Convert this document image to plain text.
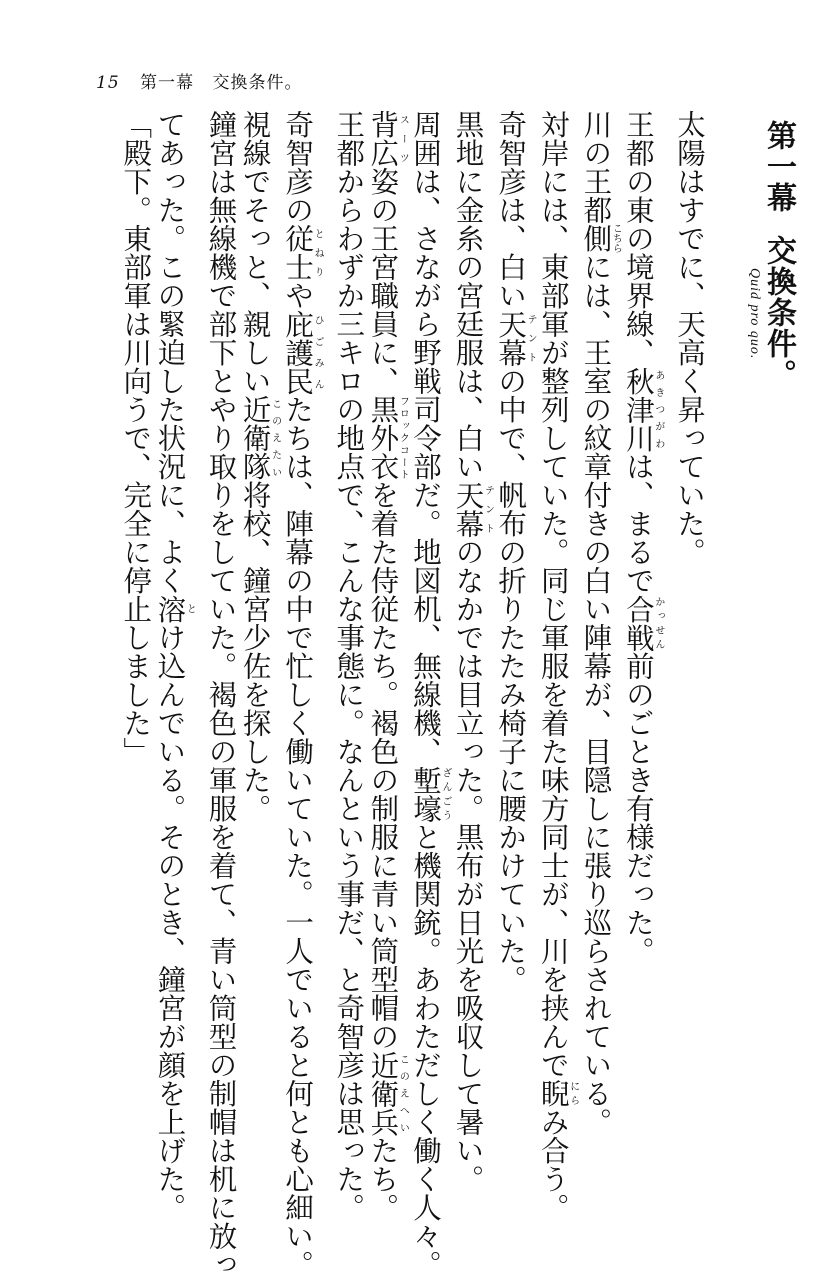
15 第一幕 交換条件。
第一幕交換条件。
太陽はすでに、天高く昇っていた。
王都の東の境界線、秋津川あきつがわは、まるで合戦かっせん前のごとき有様だった。
川の王都側こちらには、王室の紋章付きの白い陣幕が、目隠しに張り巡らされている。
対岸には、東部軍が整列していた。同じ軍服を着た味方同士が、川を挟んで睨にらみ合う。
奇智彦は、白い天幕テントの中で、帆布の折りたたみ椅子に腰かけていた。
黒地に金糸の宮廷服は、白い天幕テントのなかでは目立った。黒布が日光を吸収して暑い。
周囲は、さながら野戦司令部だ。地図机、無線機、塹壕ざんごうと機関銃。あわただしく働く人々。
背広スーツ姿の王宮職員に、黒外衣フロックコートを着た侍従たち。褐色の制服に青い筒型帽の近衛兵このえへいたち。
王都からわずか三キロの地点で、こんな事態に。なんという事だ、と奇智彦は思った。
奇智彦の従士とねりや庇護民ひごみんたちは、陣幕の中で忙しく働いていた。一人でいると何とも心細い。
視線でそっと、親しい近衛隊このえたい将校、鐘宮少佐を探した。
鐘宮は無線機で部下とやり取りをしていた。褐色の軍服を着て、青い筒型の制帽は机に放っ
てあった。この緊迫した状況に、よく溶とけ込んでいる。そのとき、鐘宮が顔を上げた。
「殿下。東部軍は川向うで、完全に停止しました」	Quid pro quo.
